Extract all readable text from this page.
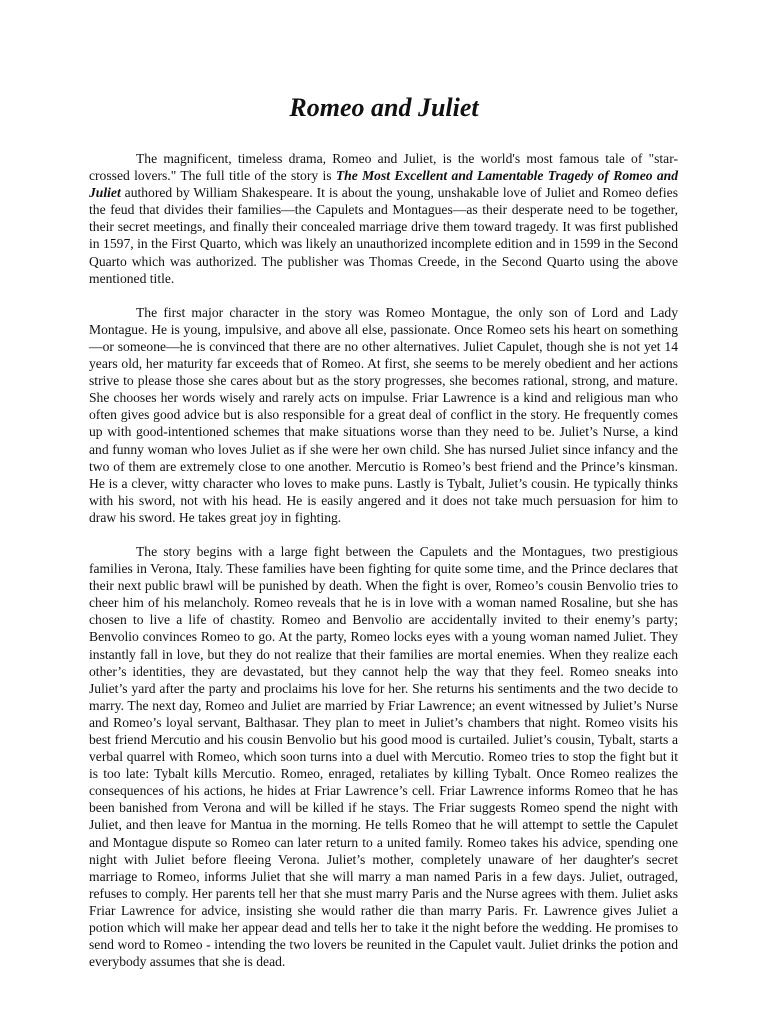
Romeo and Juliet

The magnificent, timeless drama, Romeo and Juliet, is the world's most famous tale of "star-crossed lovers." The full title of the story is The Most Excellent and Lamentable Tragedy of Romeo and Juliet authored by William Shakespeare. It is about the young, unshakable love of Juliet and Romeo defies the feud that divides their families—the Capulets and Montagues—as their desperate need to be together, their secret meetings, and finally their concealed marriage drive them toward tragedy. It was first published in 1597, in the First Quarto, which was likely an unauthorized incomplete edition and in 1599 in the Second Quarto which was authorized. The publisher was Thomas Creede, in the Second Quarto using the above mentioned title.

The first major character in the story was Romeo Montague, the only son of Lord and Lady Montague. He is young, impulsive, and above all else, passionate. Once Romeo sets his heart on something—or someone—he is convinced that there are no other alternatives. Juliet Capulet, though she is not yet 14 years old, her maturity far exceeds that of Romeo. At first, she seems to be merely obedient and her actions strive to please those she cares about but as the story progresses, she becomes rational, strong, and mature. She chooses her words wisely and rarely acts on impulse. Friar Lawrence is a kind and religious man who often gives good advice but is also responsible for a great deal of conflict in the story. He frequently comes up with good-intentioned schemes that make situations worse than they need to be. Juliet’s Nurse, a kind and funny woman who loves Juliet as if she were her own child. She has nursed Juliet since infancy and the two of them are extremely close to one another. Mercutio is Romeo’s best friend and the Prince’s kinsman. He is a clever, witty character who loves to make puns. Lastly is Tybalt, Juliet’s cousin. He typically thinks with his sword, not with his head. He is easily angered and it does not take much persuasion for him to draw his sword. He takes great joy in fighting.

The story begins with a large fight between the Capulets and the Montagues, two prestigious families in Verona, Italy. These families have been fighting for quite some time, and the Prince declares that their next public brawl will be punished by death. When the fight is over, Romeo’s cousin Benvolio tries to cheer him of his melancholy. Romeo reveals that he is in love with a woman named Rosaline, but she has chosen to live a life of chastity. Romeo and Benvolio are accidentally invited to their enemy’s party; Benvolio convinces Romeo to go. At the party, Romeo locks eyes with a young woman named Juliet. They instantly fall in love, but they do not realize that their families are mortal enemies. When they realize each other’s identities, they are devastated, but they cannot help the way that they feel. Romeo sneaks into Juliet’s yard after the party and proclaims his love for her. She returns his sentiments and the two decide to marry. The next day, Romeo and Juliet are married by Friar Lawrence; an event witnessed by Juliet’s Nurse and Romeo’s loyal servant, Balthasar. They plan to meet in Juliet’s chambers that night. Romeo visits his best friend Mercutio and his cousin Benvolio but his good mood is curtailed. Juliet’s cousin, Tybalt, starts a verbal quarrel with Romeo, which soon turns into a duel with Mercutio. Romeo tries to stop the fight but it is too late: Tybalt kills Mercutio. Romeo, enraged, retaliates by killing Tybalt. Once Romeo realizes the consequences of his actions, he hides at Friar Lawrence’s cell. Friar Lawrence informs Romeo that he has been banished from Verona and will be killed if he stays. The Friar suggests Romeo spend the night with Juliet, and then leave for Mantua in the morning. He tells Romeo that he will attempt to settle the Capulet and Montague dispute so Romeo can later return to a united family. Romeo takes his advice, spending one night with Juliet before fleeing Verona. Juliet’s mother, completely unaware of her daughter's secret marriage to Romeo, informs Juliet that she will marry a man named Paris in a few days. Juliet, outraged, refuses to comply. Her parents tell her that she must marry Paris and the Nurse agrees with them. Juliet asks Friar Lawrence for advice, insisting she would rather die than marry Paris. Fr. Lawrence gives Juliet a potion which will make her appear dead and tells her to take it the night before the wedding. He promises to send word to Romeo - intending the two lovers be reunited in the Capulet vault. Juliet drinks the potion and everybody assumes that she is dead.
